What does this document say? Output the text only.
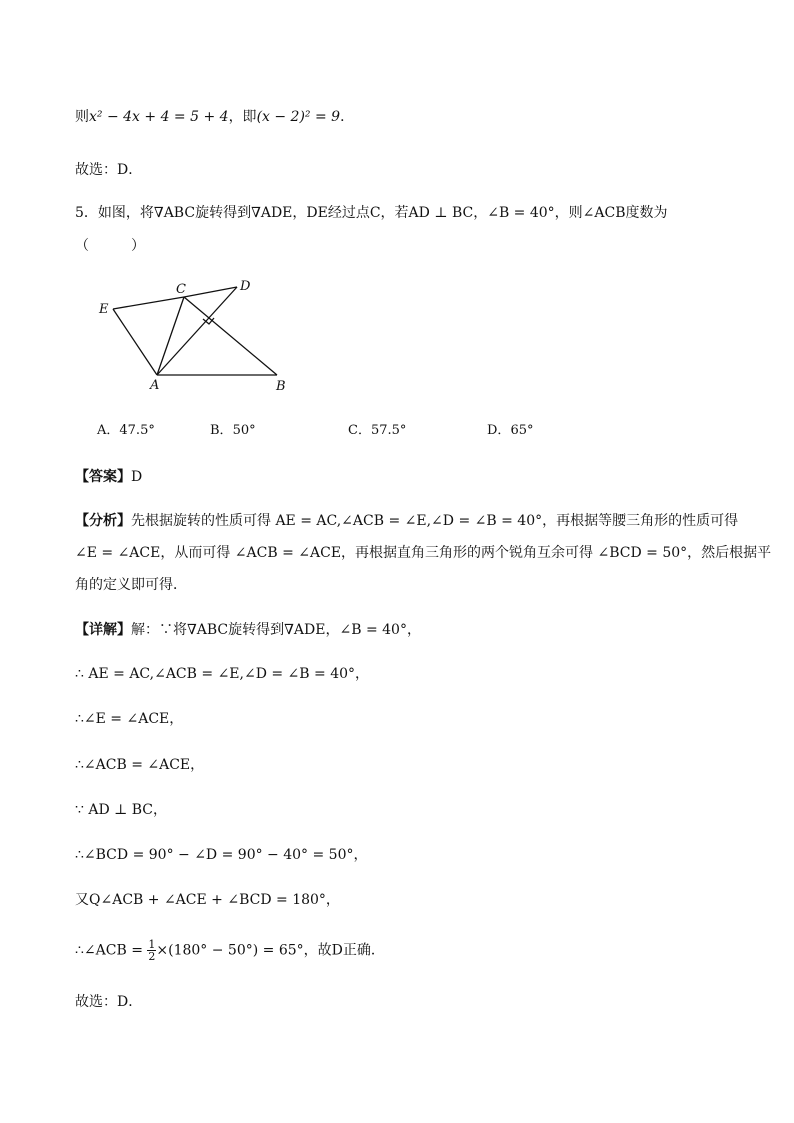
则x² − 4x + 4 = 5 + 4，即(x − 2)² = 9．
故选：D．
5．如图，将∇ABC旋转得到∇ADE，DE经过点C，若AD ⊥ BC，∠B = 40°，则∠ACB度数为
（　　　）
E
C	D
A	B
A．47.5°	B．50°	C．57.5°	D．65°
【答案】D
【分析】先根据旋转的性质可得 AE = AC,∠ACB = ∠E,∠D = ∠B = 40°，再根据等腰三角形的性质可得
∠E = ∠ACE，从而可得 ∠ACB = ∠ACE，再根据直角三角形的两个锐角互余可得 ∠BCD = 50°，然后根据平
角的定义即可得．
【详解】解：∵将∇ABC旋转得到∇ADE，∠B = 40°，
∴ AE = AC,∠ACB = ∠E,∠D = ∠B = 40°，
∴∠E = ∠ACE，
∴∠ACB = ∠ACE，
∵ AD ⊥ BC，
∴∠BCD = 90° − ∠D = 90° − 40° = 50°，
又Q∠ACB + ∠ACE + ∠BCD = 180°，
∴∠ACB = $\frac{1}{2} \times(180^\circ - 50^\circ) = 65^\circ$，故D正确．
故选：D．
